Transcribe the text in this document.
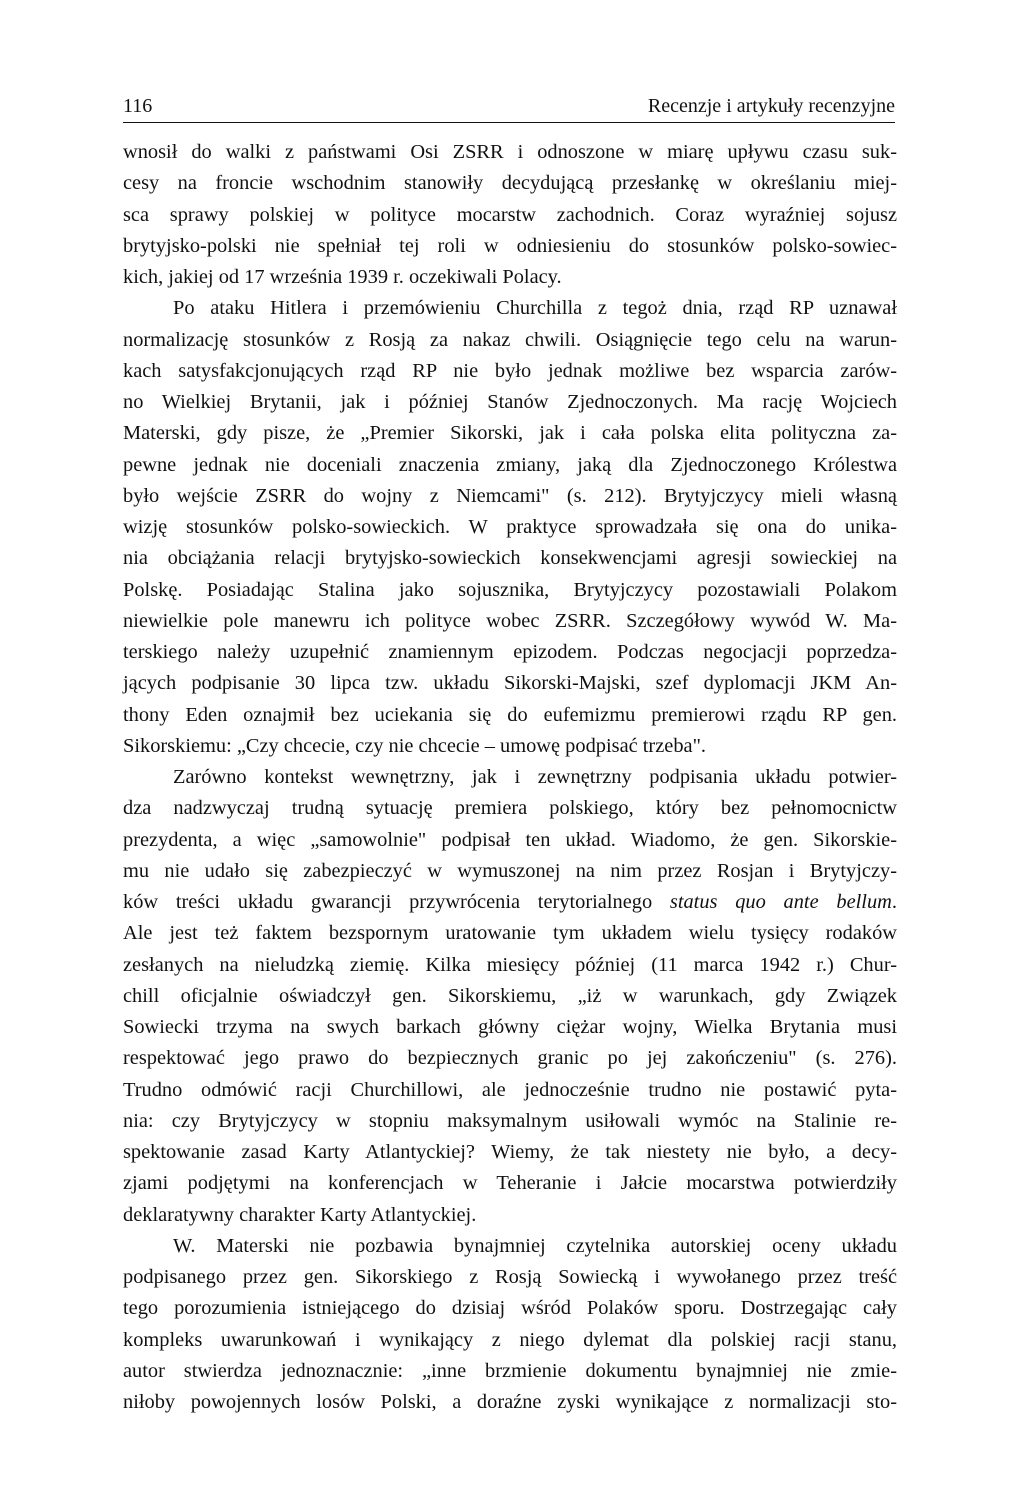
116	Recenzje i artykuły recenzyjne
wnosił do walki z państwami Osi ZSRR i odnoszone w miarę upływu czasu suk-
cesy na froncie wschodnim stanowiły decydującą przesłankę w określaniu miej-
sca sprawy polskiej w polityce mocarstw zachodnich. Coraz wyraźniej sojusz
brytyjsko-polski nie spełniał tej roli w odniesieniu do stosunków polsko-sowiec-
kich, jakiej od 17 września 1939 r. oczekiwali Polacy.
Po ataku Hitlera i przemówieniu Churchilla z tegoż dnia, rząd RP uznawał
normalizację stosunków z Rosją za nakaz chwili. Osiągnięcie tego celu na warun-
kach satysfakcjonujących rząd RP nie było jednak możliwe bez wsparcia zarów-
no Wielkiej Brytanii, jak i później Stanów Zjednoczonych. Ma rację Wojciech
Materski, gdy pisze, że „Premier Sikorski, jak i cała polska elita polityczna za-
pewne jednak nie doceniali znaczenia zmiany, jaką dla Zjednoczonego Królestwa
było wejście ZSRR do wojny z Niemcami" (s. 212). Brytyjczycy mieli własną
wizję stosunków polsko-sowieckich. W praktyce sprowadzała się ona do unika-
nia obciążania relacji brytyjsko-sowieckich konsekwencjami agresji sowieckiej na
Polskę. Posiadając Stalina jako sojusznika, Brytyjczycy pozostawiali Polakom
niewielkie pole manewru ich polityce wobec ZSRR. Szczegółowy wywód W. Ma-
terskiego należy uzupełnić znamiennym epizodem. Podczas negocjacji poprzedza-
jących podpisanie 30 lipca tzw. układu Sikorski-Majski, szef dyplomacji JKM An-
thony Eden oznajmił bez uciekania się do eufemizmu premierowi rządu RP gen.
Sikorskiemu: „Czy chcecie, czy nie chcecie – umowę podpisać trzeba".
Zarówno kontekst wewnętrzny, jak i zewnętrzny podpisania układu potwier-
dza nadzwyczaj trudną sytuację premiera polskiego, który bez pełnomocnictw
prezydenta, a więc „samowolnie" podpisał ten układ. Wiadomo, że gen. Sikorskie-
mu nie udało się zabezpieczyć w wymuszonej na nim przez Rosjan i Brytyjczy-
ków treści układu gwarancji przywrócenia terytorialnego status quo ante bellum.
Ale jest też faktem bezspornym uratowanie tym układem wielu tysięcy rodaków
zesłanych na nieludzką ziemię. Kilka miesięcy później (11 marca 1942 r.) Chur-
chill oficjalnie oświadczył gen. Sikorskiemu, „iż w warunkach, gdy Związek
Sowiecki trzyma na swych barkach główny ciężar wojny, Wielka Brytania musi
respektować jego prawo do bezpiecznych granic po jej zakończeniu" (s. 276).
Trudno odmówić racji Churchillowi, ale jednocześnie trudno nie postawić pyta-
nia: czy Brytyjczycy w stopniu maksymalnym usiłowali wymóc na Stalinie re-
spektowanie zasad Karty Atlantyckiej? Wiemy, że tak niestety nie było, a decy-
zjami podjętymi na konferencjach w Teheranie i Jałcie mocarstwa potwierdziły
deklaratywny charakter Karty Atlantyckiej.
W. Materski nie pozbawia bynajmniej czytelnika autorskiej oceny układu
podpisanego przez gen. Sikorskiego z Rosją Sowiecką i wywołanego przez treść
tego porozumienia istniejącego do dzisiaj wśród Polaków sporu. Dostrzegając cały
kompleks uwarunkowań i wynikający z niego dylemat dla polskiej racji stanu,
autor stwierdza jednoznacznie: „inne brzmienie dokumentu bynajmniej nie zmie-
niłoby powojennych losów Polski, a doraźne zyski wynikające z normalizacji sto-
